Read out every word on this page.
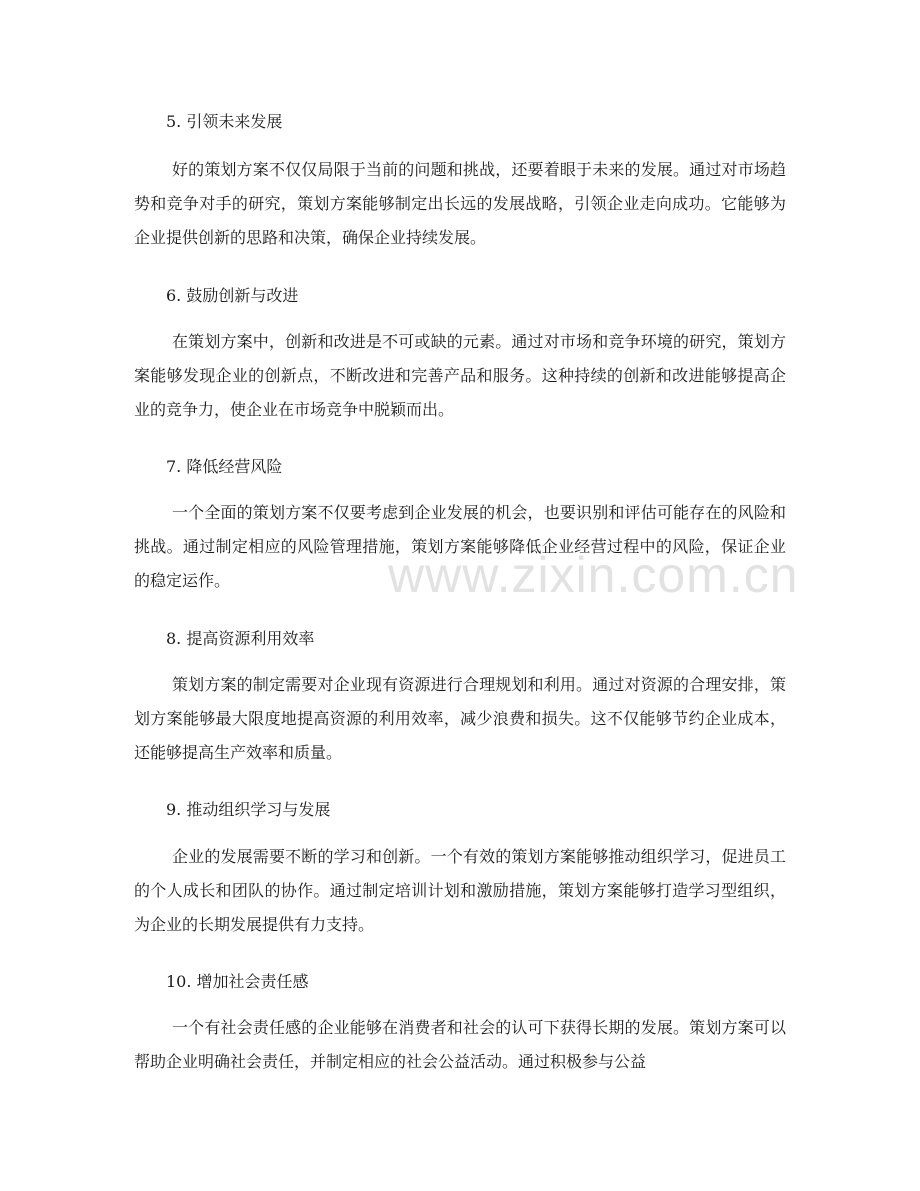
www.zixin.com.cn
5. 引领未来发展
好的策划方案不仅仅局限于当前的问题和挑战，还要着眼于未来的发展。通过对市场趋势和竞争对手的研究，策划方案能够制定出长远的发展战略，引领企业走向成功。它能够为企业提供创新的思路和决策，确保企业持续发展。
6. 鼓励创新与改进
在策划方案中，创新和改进是不可或缺的元素。通过对市场和竞争环境的研究，策划方案能够发现企业的创新点，不断改进和完善产品和服务。这种持续的创新和改进能够提高企业的竞争力，使企业在市场竞争中脱颖而出。
7. 降低经营风险
一个全面的策划方案不仅要考虑到企业发展的机会，也要识别和评估可能存在的风险和挑战。通过制定相应的风险管理措施，策划方案能够降低企业经营过程中的风险，保证企业的稳定运作。
8. 提高资源利用效率
策划方案的制定需要对企业现有资源进行合理规划和利用。通过对资源的合理安排，策划方案能够最大限度地提高资源的利用效率，减少浪费和损失。这不仅能够节约企业成本，还能够提高生产效率和质量。
9. 推动组织学习与发展
企业的发展需要不断的学习和创新。一个有效的策划方案能够推动组织学习，促进员工的个人成长和团队的协作。通过制定培训计划和激励措施，策划方案能够打造学习型组织，为企业的长期发展提供有力支持。
10. 增加社会责任感
一个有社会责任感的企业能够在消费者和社会的认可下获得长期的发展。策划方案可以帮助企业明确社会责任，并制定相应的社会公益活动。通过积极参与公益
